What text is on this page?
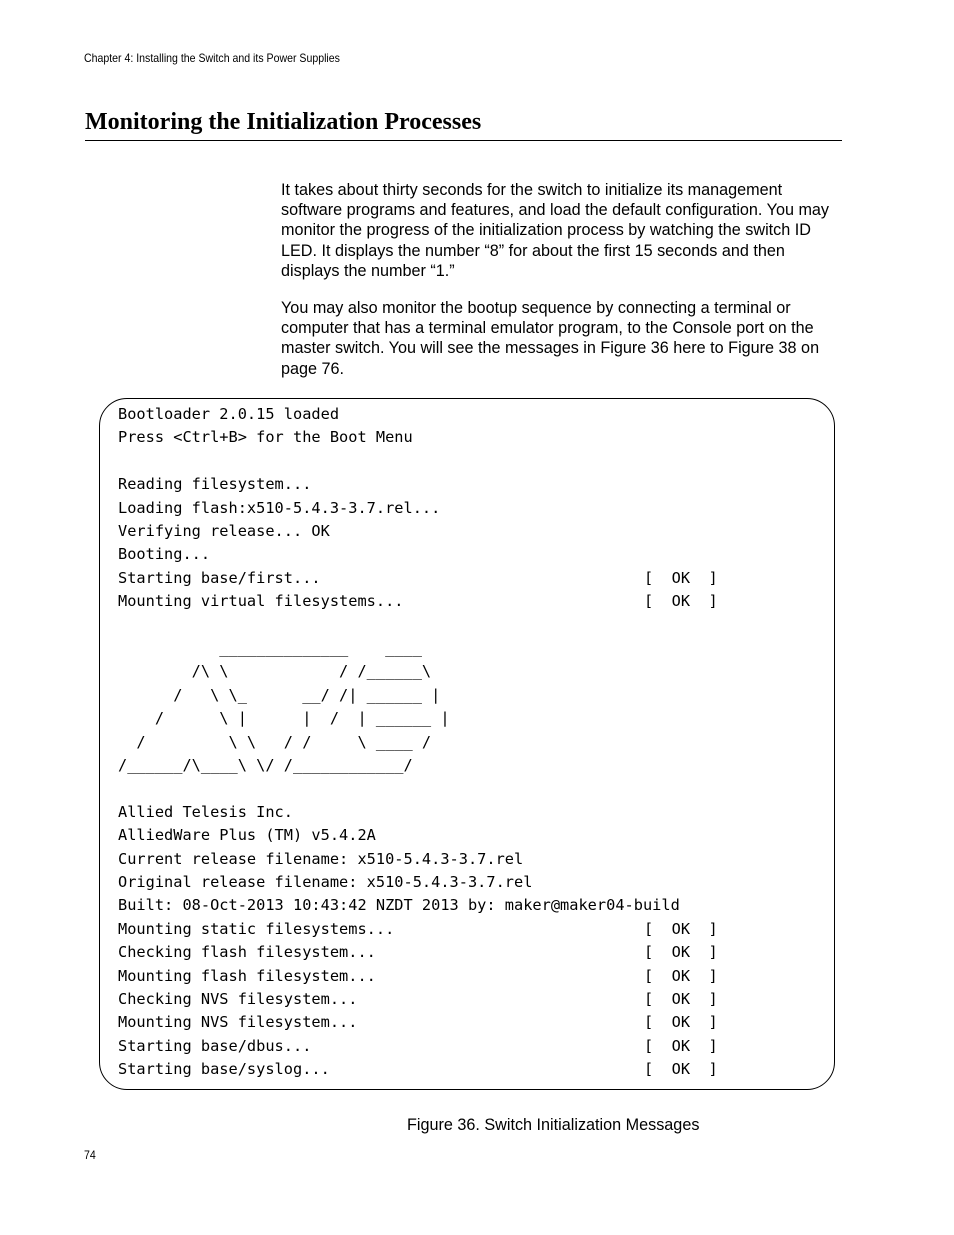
Chapter 4: Installing the Switch and its Power Supplies
Monitoring the Initialization Processes

It takes about thirty seconds for the switch to initialize its management software programs and features, and load the default configuration. You may monitor the progress of the initialization process by watching the switch ID LED. It displays the number “8” for about the first 15 seconds and then displays the number “1.”

You may also monitor the bootup sequence by connecting a terminal or computer that has a terminal emulator program, to the Console port on the master switch. You will see the messages in Figure 36 here to Figure 38 on page 76.

Bootloader 2.0.15 loaded
Press <Ctrl+B> for the Boot Menu
Reading filesystem...
Loading flash:x510-5.4.3-3.7.rel...
Verifying release... OK
Booting...
Starting base/first...	[  OK  ]
Mounting virtual filesystems...	[  OK  ]
______________    ____
/\ \            / /______\
/   \ \_      __/ /| ______ |
/      \ |      |  /  | ______ |
/         \ \   / /     \ ____ /
/______/\____\ \/ /____________/
Allied Telesis Inc.
AlliedWare Plus (TM) v5.4.2A
Current release filename: x510-5.4.3-3.7.rel
Original release filename: x510-5.4.3-3.7.rel
Built: 08-Oct-2013 10:43:42 NZDT 2013 by: maker@maker04-build
Mounting static filesystems...	[  OK  ]
Checking flash filesystem...	[  OK  ]
Mounting flash filesystem...	[  OK  ]
Checking NVS filesystem...	[  OK  ]
Mounting NVS filesystem...	[  OK  ]
Starting base/dbus...	[  OK  ]
Starting base/syslog...	[  OK  ]
Figure 36. Switch Initialization Messages
74
